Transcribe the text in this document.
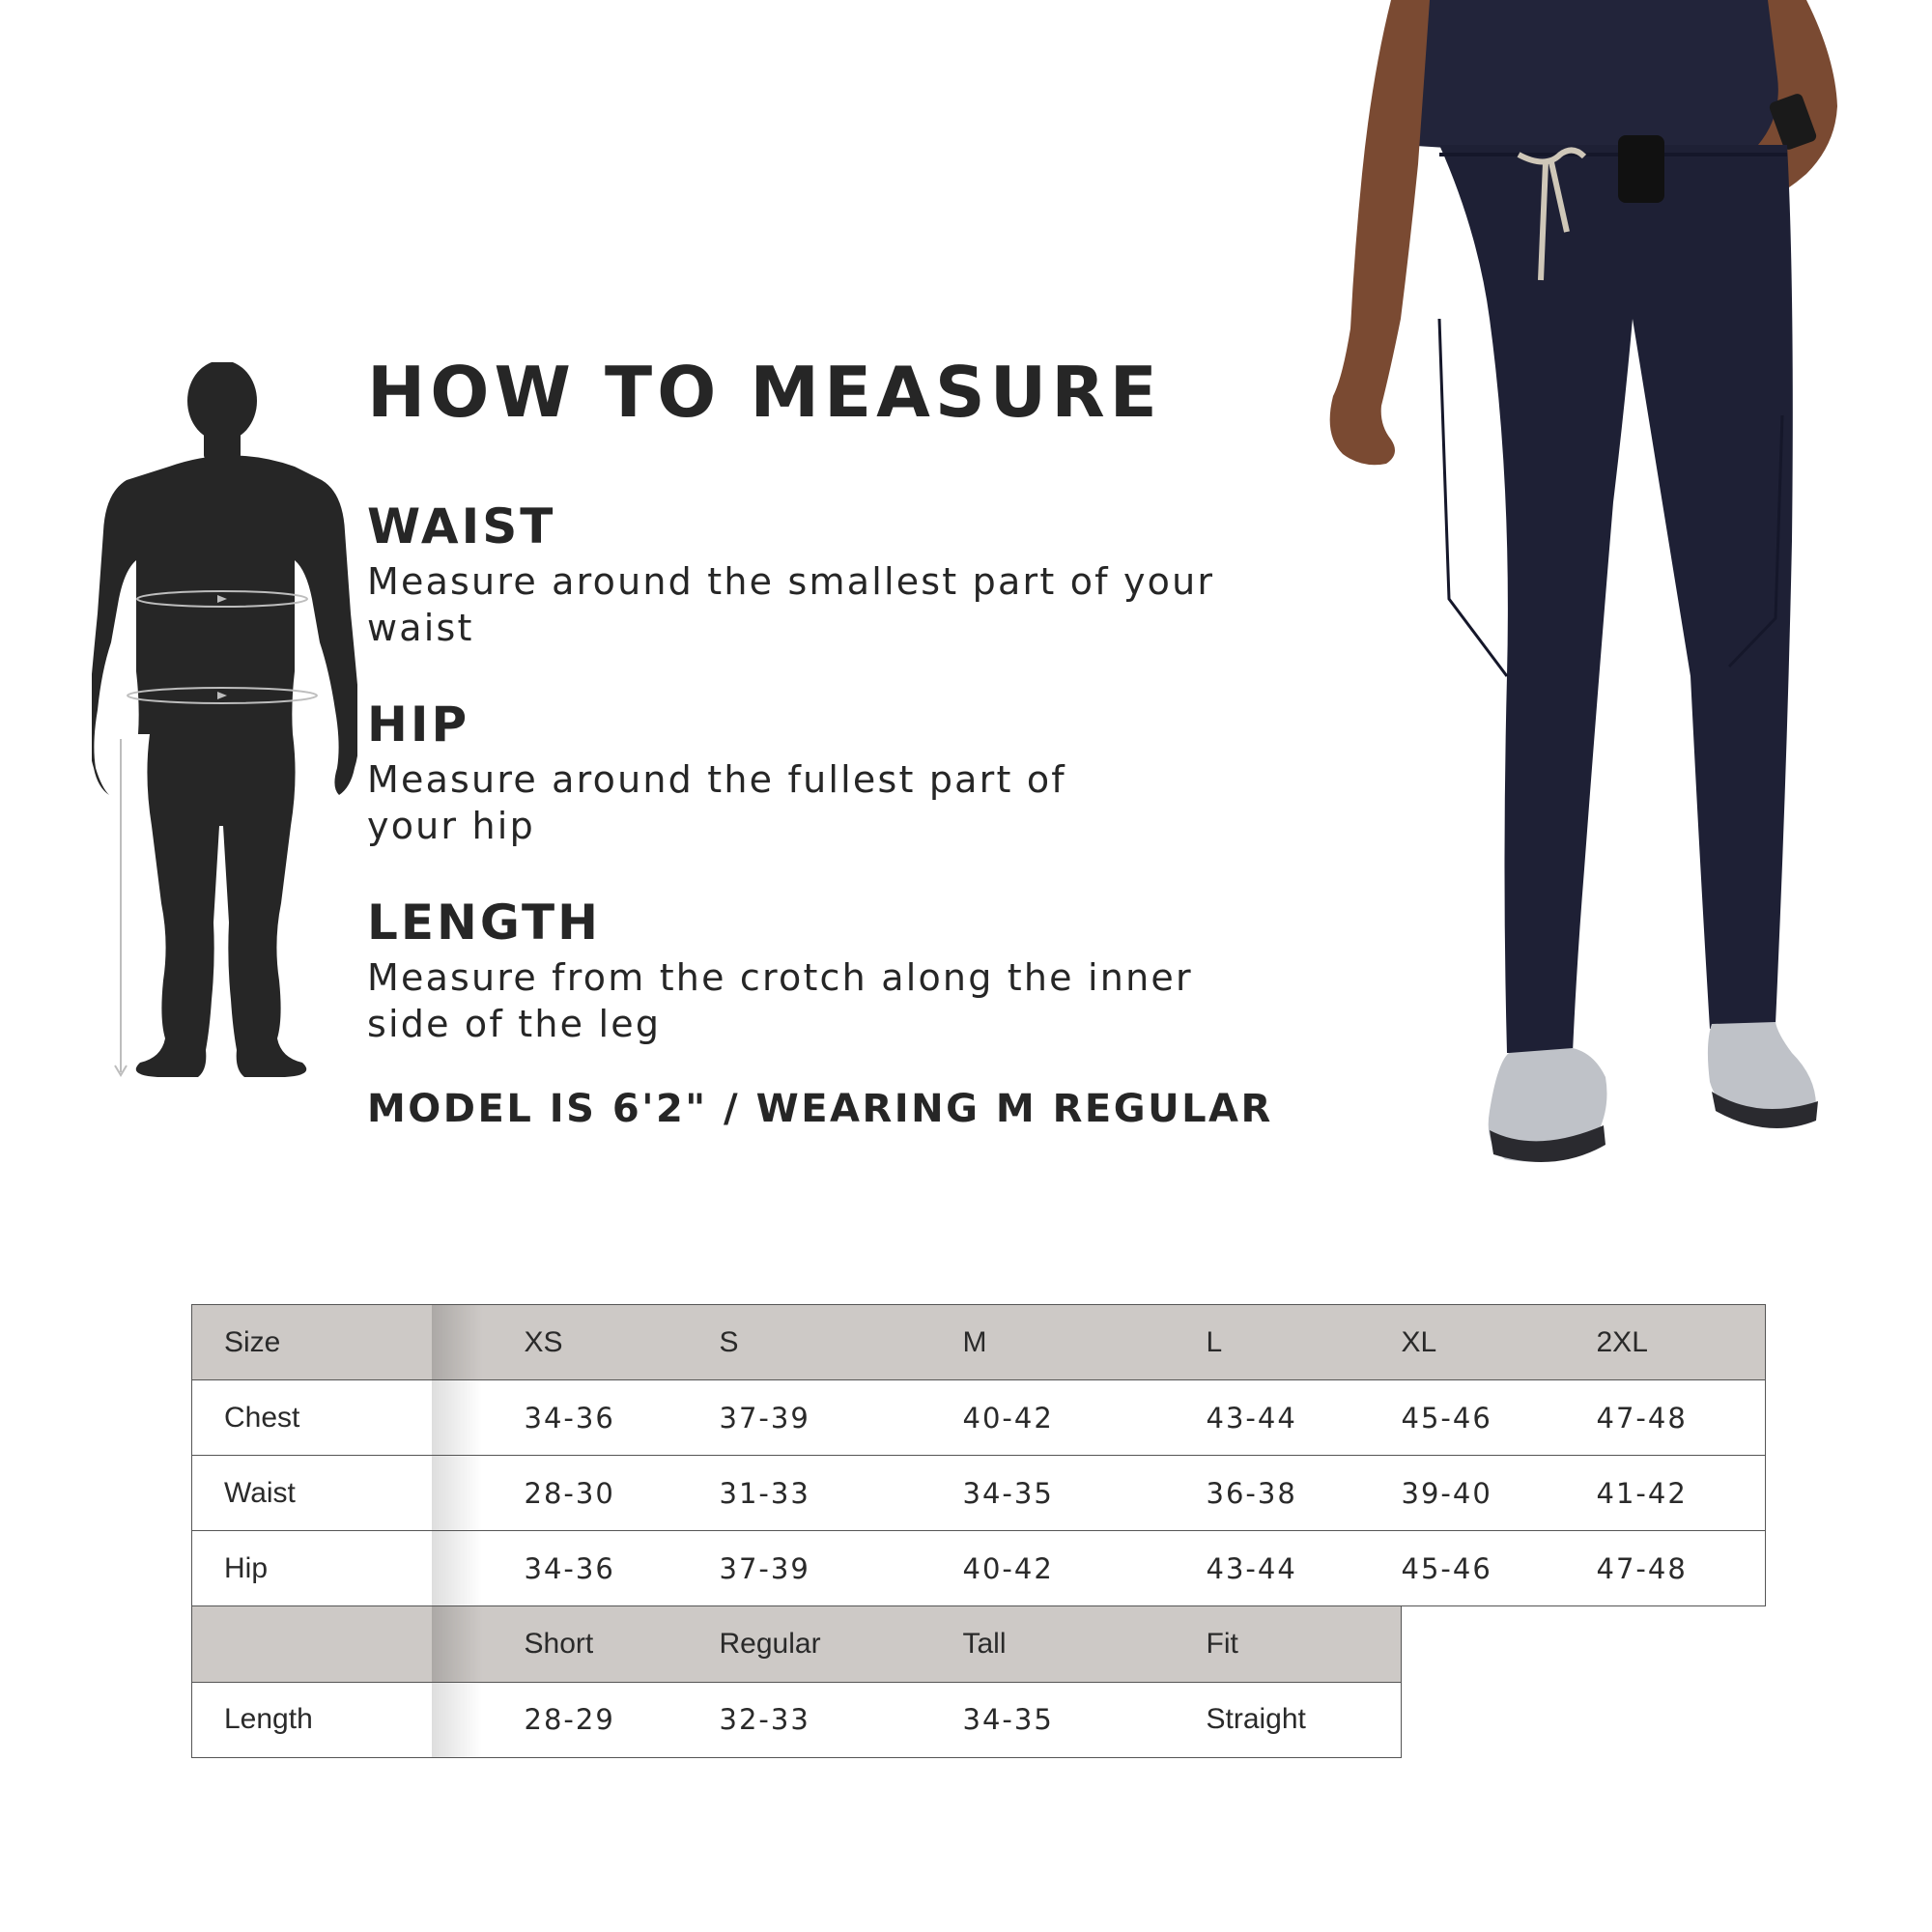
HOW TO MEASURE
WAIST
Measure around the smallest part of your
waist
HIP
Measure around the fullest part of
your hip
LENGTH
Measure from the crotch along the inner
side of the leg
MODEL IS 6'2" / WEARING M REGULAR
Size	XS	S	M	L	XL	2XL
Chest	34-36	37-39	40-42	43-44	45-46	47-48
Waist	28-30	31-33	34-35	36-38	39-40	41-42
Hip	34-36	37-39	40-42	43-44	45-46	47-48
	Short	Regular	Tall	Fit		
Length	28-29	32-33	34-35	Straight		
